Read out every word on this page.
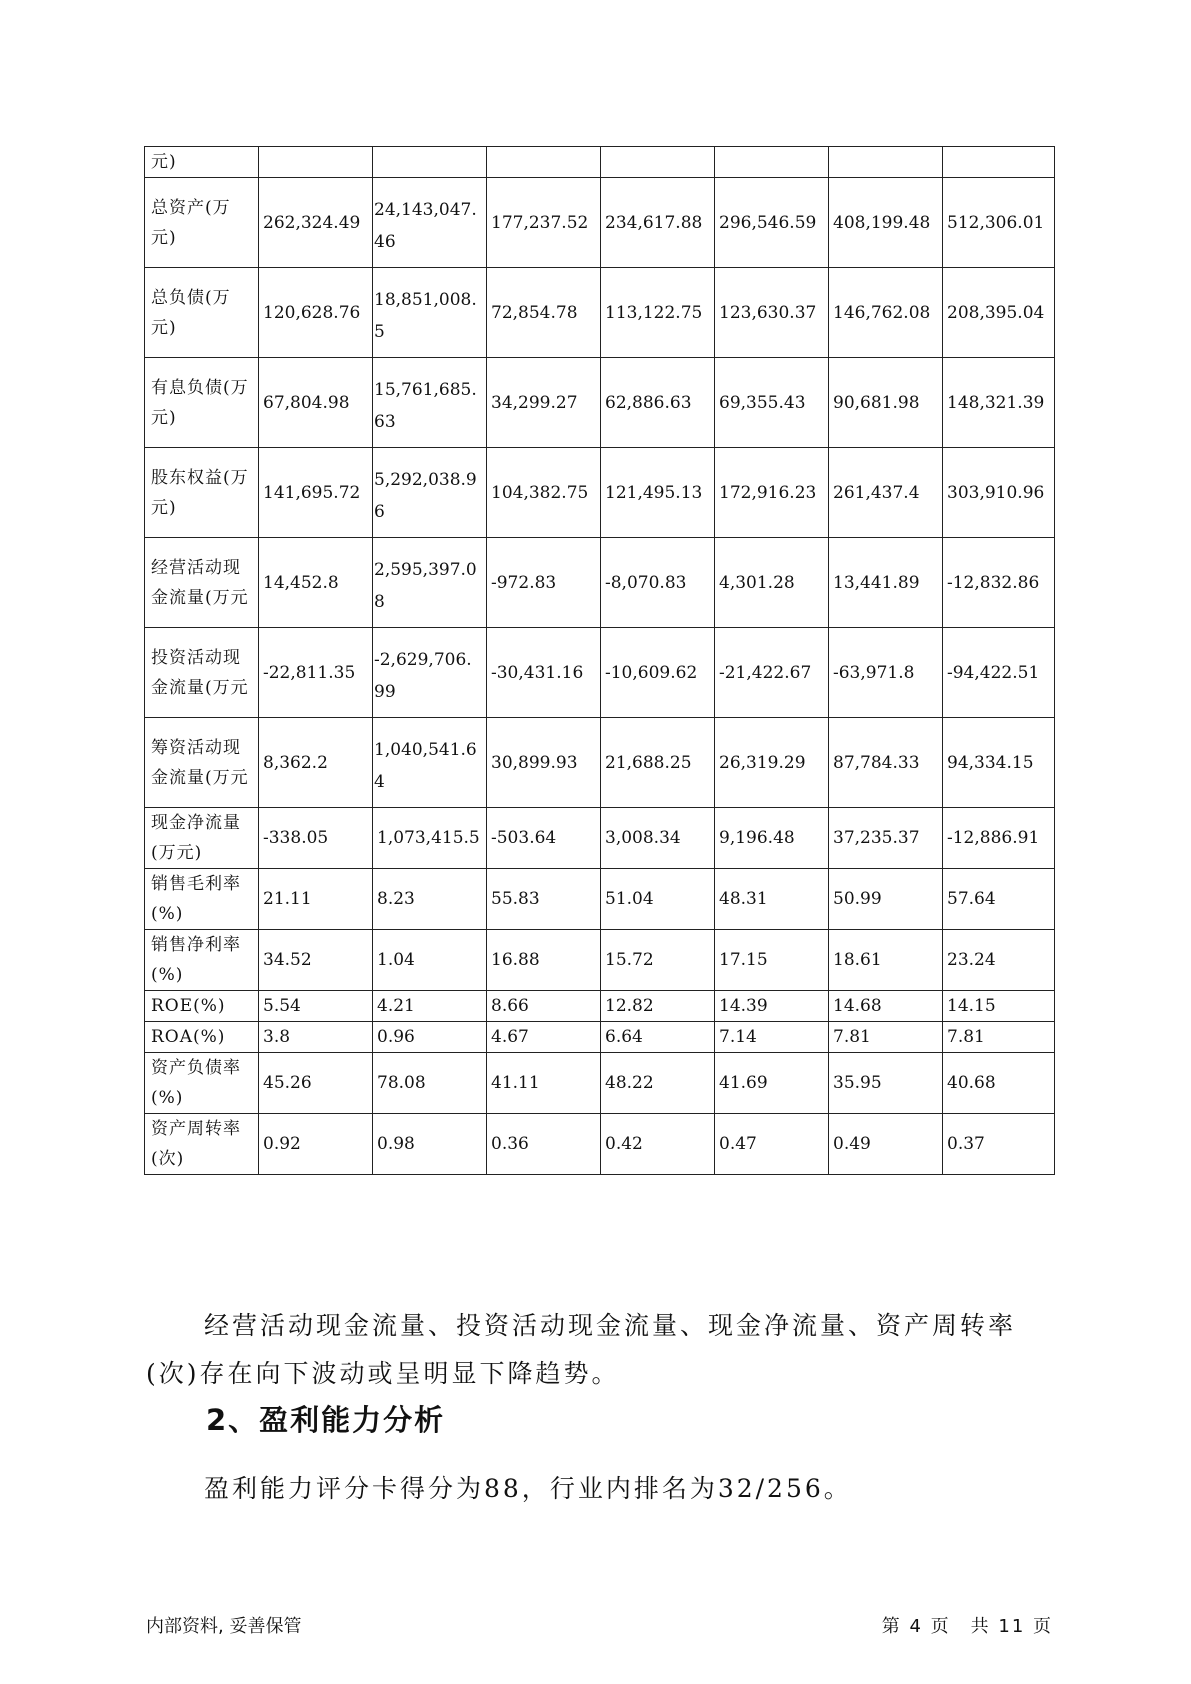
元)							
总资产(万元)	262,324.49	24,143,047.46	177,237.52	234,617.88	296,546.59	408,199.48	512,306.01
总负债(万元)	120,628.76	18,851,008.5	72,854.78	113,122.75	123,630.37	146,762.08	208,395.04
有息负债(万元)	67,804.98	15,761,685.63	34,299.27	62,886.63	69,355.43	90,681.98	148,321.39
股东权益(万元)	141,695.72	5,292,038.96	104,382.75	121,495.13	172,916.23	261,437.4	303,910.96
经营活动现金流量(万元	14,452.8	2,595,397.08	-972.83	-8,070.83	4,301.28	13,441.89	-12,832.86
投资活动现金流量(万元	-22,811.35	-2,629,706.99	-30,431.16	-10,609.62	-21,422.67	-63,971.8	-94,422.51
筹资活动现金流量(万元	8,362.2	1,040,541.64	30,899.93	21,688.25	26,319.29	87,784.33	94,334.15
现金净流量(万元)	-338.05	1,073,415.5	-503.64	3,008.34	9,196.48	37,235.37	-12,886.91
销售毛利率(%)	21.11	8.23	55.83	51.04	48.31	50.99	57.64
销售净利率(%)	34.52	1.04	16.88	15.72	17.15	18.61	23.24
ROE(%)	5.54	4.21	8.66	12.82	14.39	14.68	14.15
ROA(%)	3.8	0.96	4.67	6.64	7.14	7.81	7.81
资产负债率(%)	45.26	78.08	41.11	48.22	41.69	35.95	40.68
资产周转率(次)	0.92	0.98	0.36	0.42	0.47	0.49	0.37

经营活动现金流量、投资活动现金流量、现金净流量、资产周转率(次)存在向下波动或呈明显下降趋势。

2、盈利能力分析

盈利能力评分卡得分为88，行业内排名为32/256。

内部资料, 妥善保管	第 4 页　共 11 页
